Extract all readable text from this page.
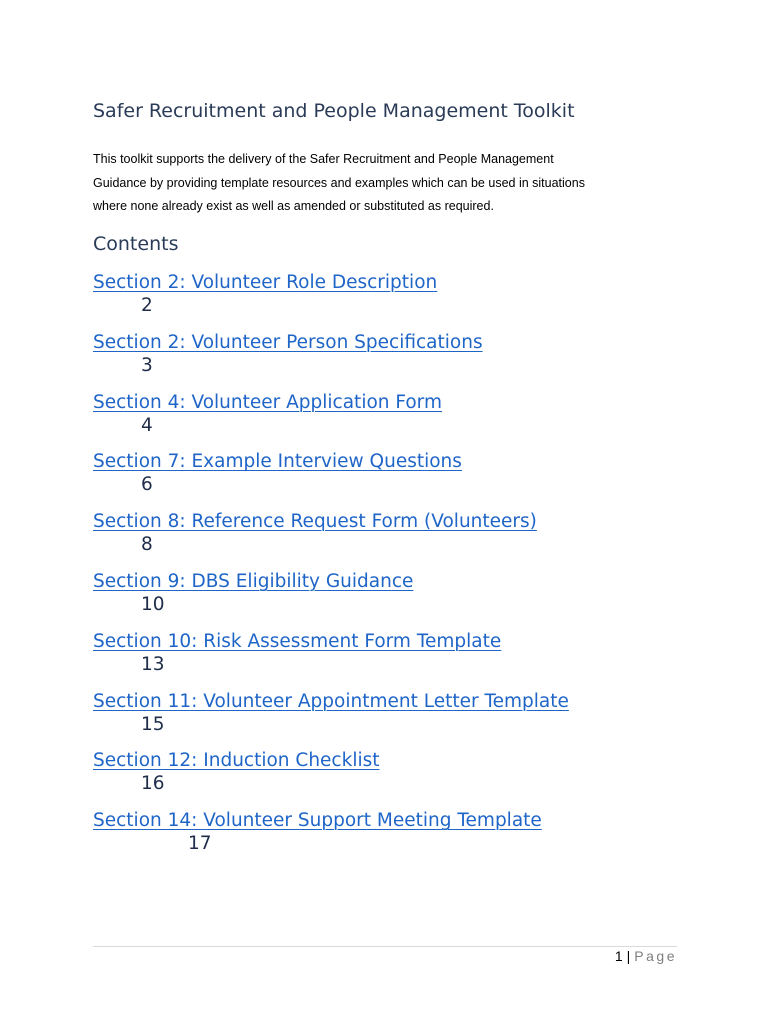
Safer Recruitment and People Management Toolkit
This toolkit supports the delivery of the Safer Recruitment and People Management
Guidance by providing template resources and examples which can be used in situations
where none already exist as well as amended or substituted as required.
Contents
Section 2: Volunteer Role Description
2
Section 2: Volunteer Person Specifications
3
Section 4: Volunteer Application Form
4
Section 7: Example Interview Questions
6
Section 8: Reference Request Form (Volunteers)
8
Section 9: DBS Eligibility Guidance
10
Section 10: Risk Assessment Form Template
13
Section 11: Volunteer Appointment Letter Template
15
Section 12: Induction Checklist
16
Section 14: Volunteer Support Meeting Template
17
1 | Page
